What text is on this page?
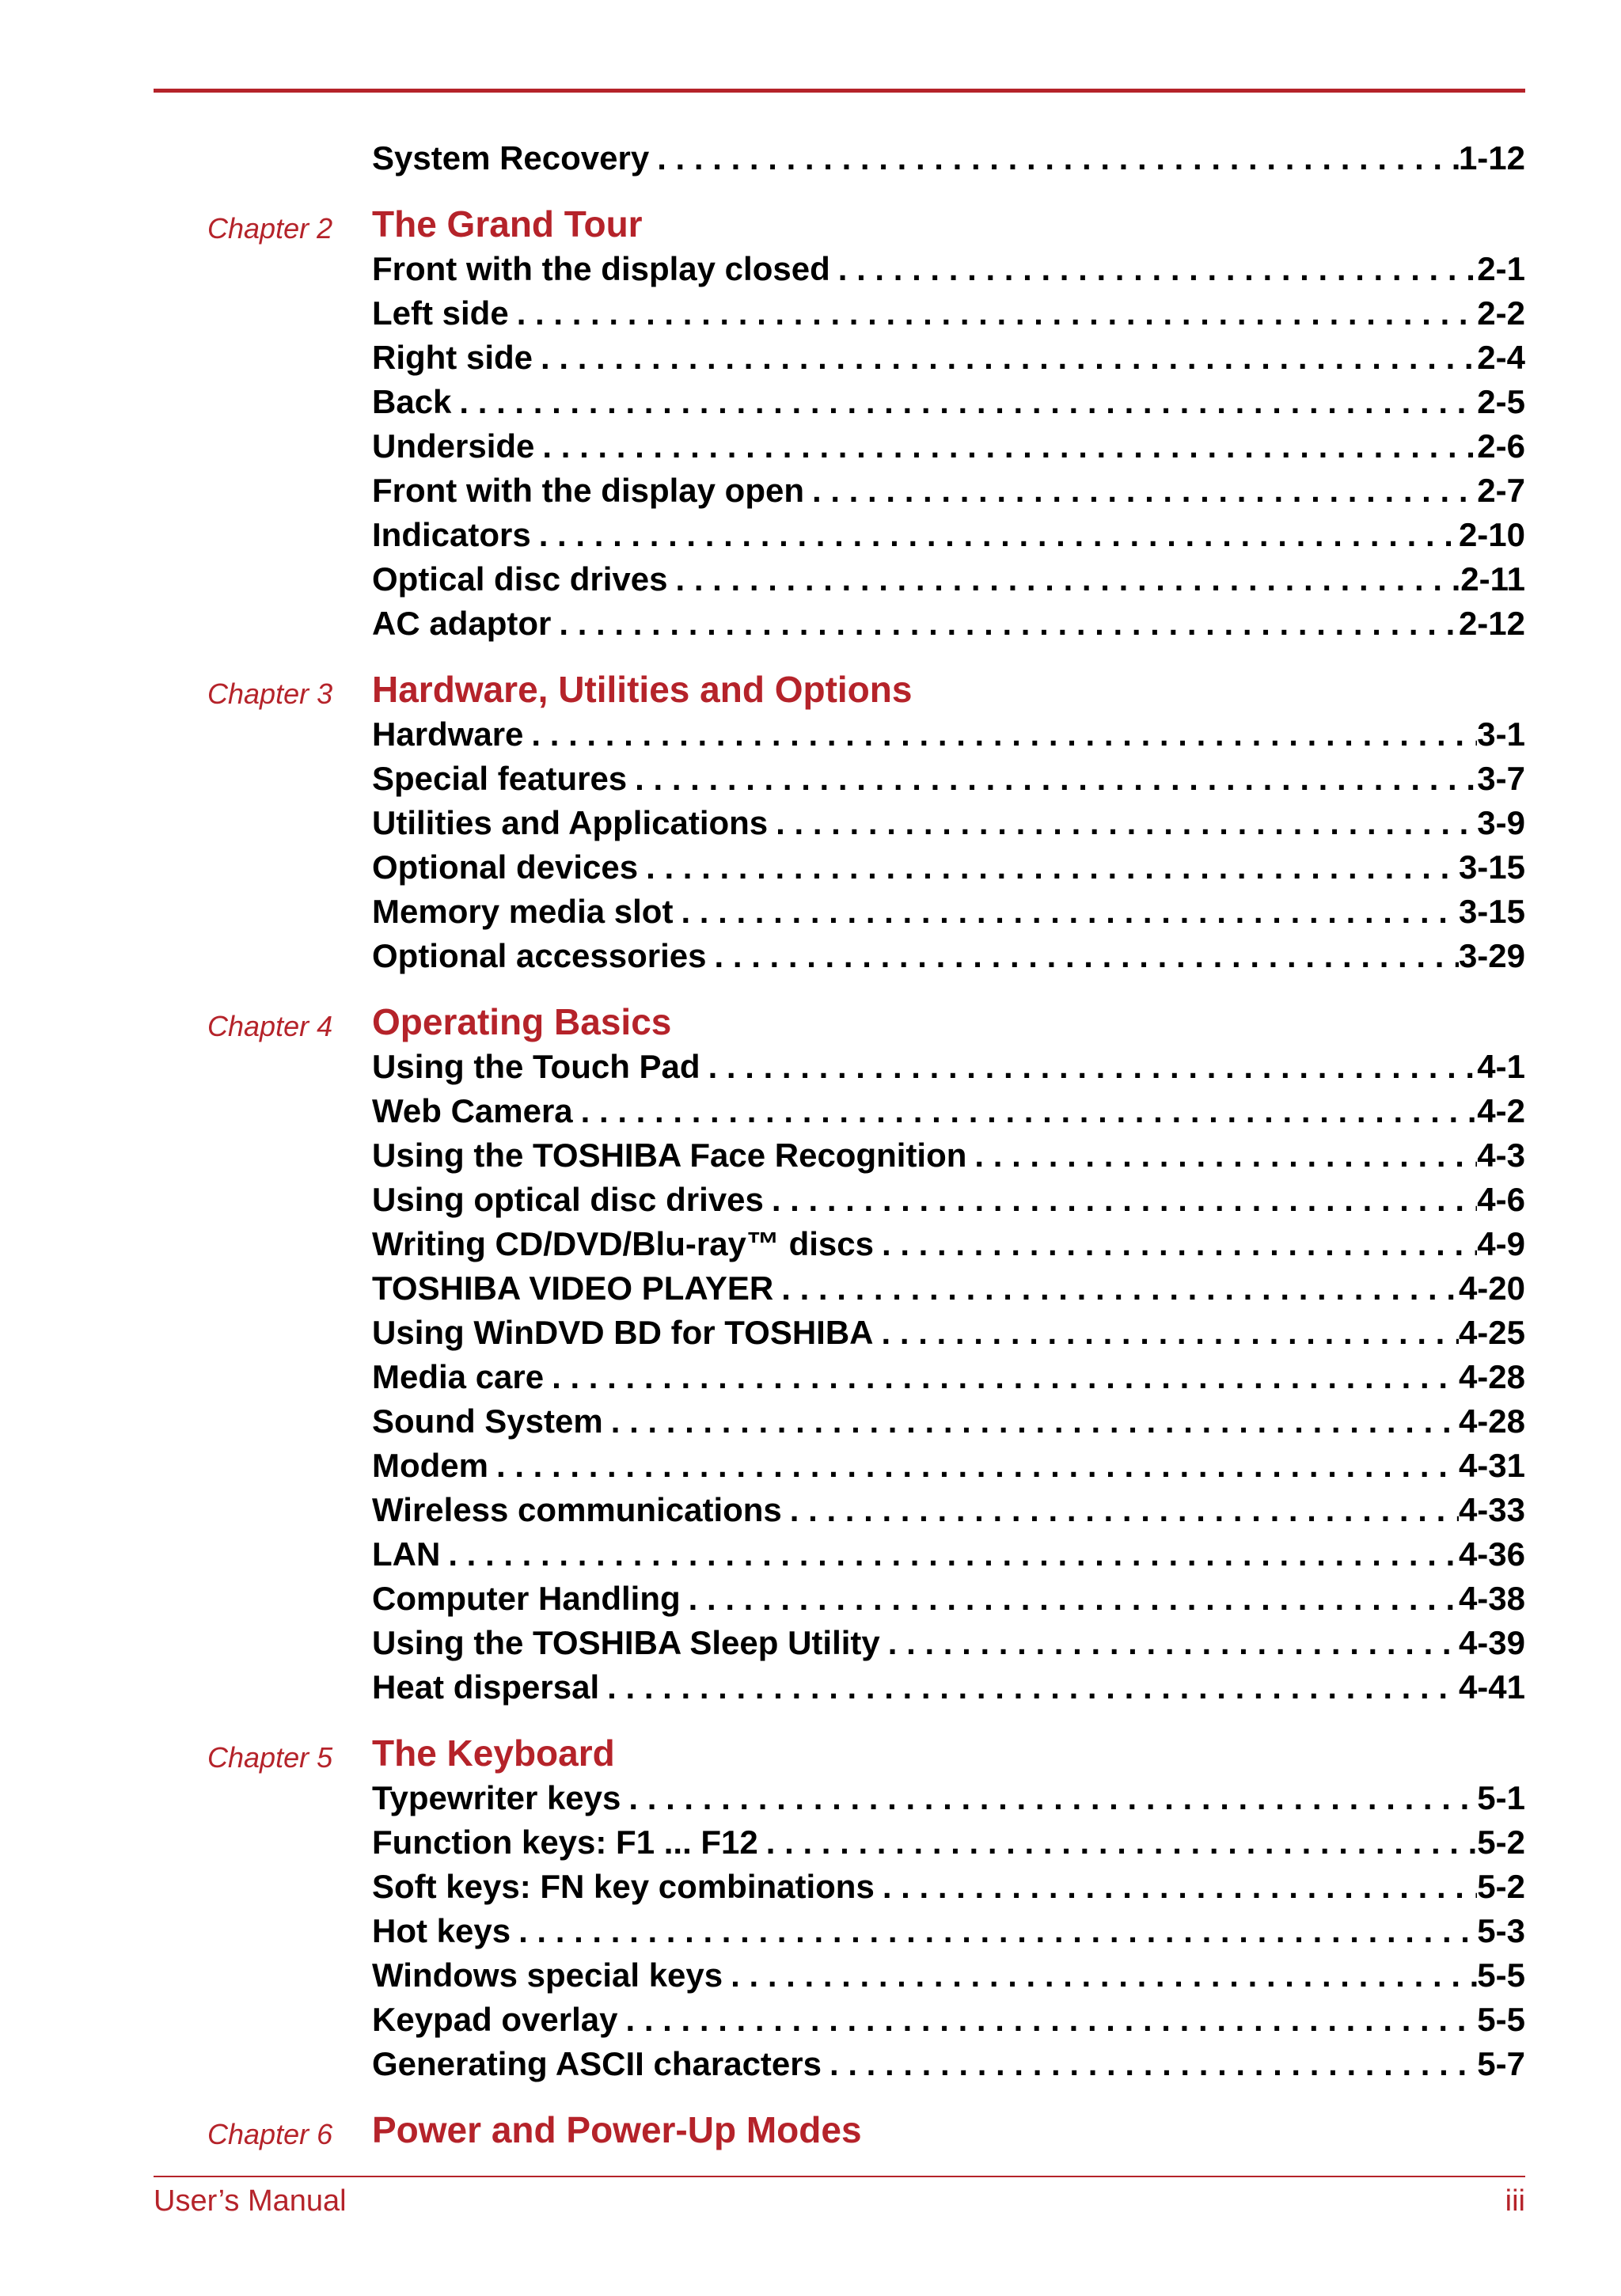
System Recovery . . .	1-12
Chapter 2 The Grand Tour
Front with the display closed . . .	2-1
Left side . . .	2-2
Right side . . .	2-4
Back . . .	2-5
Underside . . .	2-6
Front with the display open . . .	2-7
Indicators . . .	2-10
Optical disc drives . . .	2-11
AC adaptor . . .	2-12
Chapter 3 Hardware, Utilities and Options
Hardware . . .	3-1
Special features . . .	3-7
Utilities and Applications . . .	3-9
Optional devices . . .	3-15
Memory media slot . . .	3-15
Optional accessories . . .	3-29
Chapter 4 Operating Basics
Using the Touch Pad . . .	4-1
Web Camera . . .	4-2
Using the TOSHIBA Face Recognition . . .	4-3
Using optical disc drives . . .	4-6
Writing CD/DVD/Blu-ray™ discs . . .	4-9
TOSHIBA VIDEO PLAYER . . .	4-20
Using WinDVD BD for TOSHIBA . . .	4-25
Media care . . .	4-28
Sound System . . .	4-28
Modem . . .	4-31
Wireless communications . . .	4-33
LAN . . .	4-36
Computer Handling . . .	4-38
Using the TOSHIBA Sleep Utility . . .	4-39
Heat dispersal . . .	4-41
Chapter 5 The Keyboard
Typewriter keys . . .	5-1
Function keys: F1 ... F12 . . .	5-2
Soft keys: FN key combinations . . .	5-2
Hot keys . . .	5-3
Windows special keys . . .	5-5
Keypad overlay . . .	5-5
Generating ASCII characters . . .	5-7
Chapter 6 Power and Power-Up Modes
User’s Manual	iii
